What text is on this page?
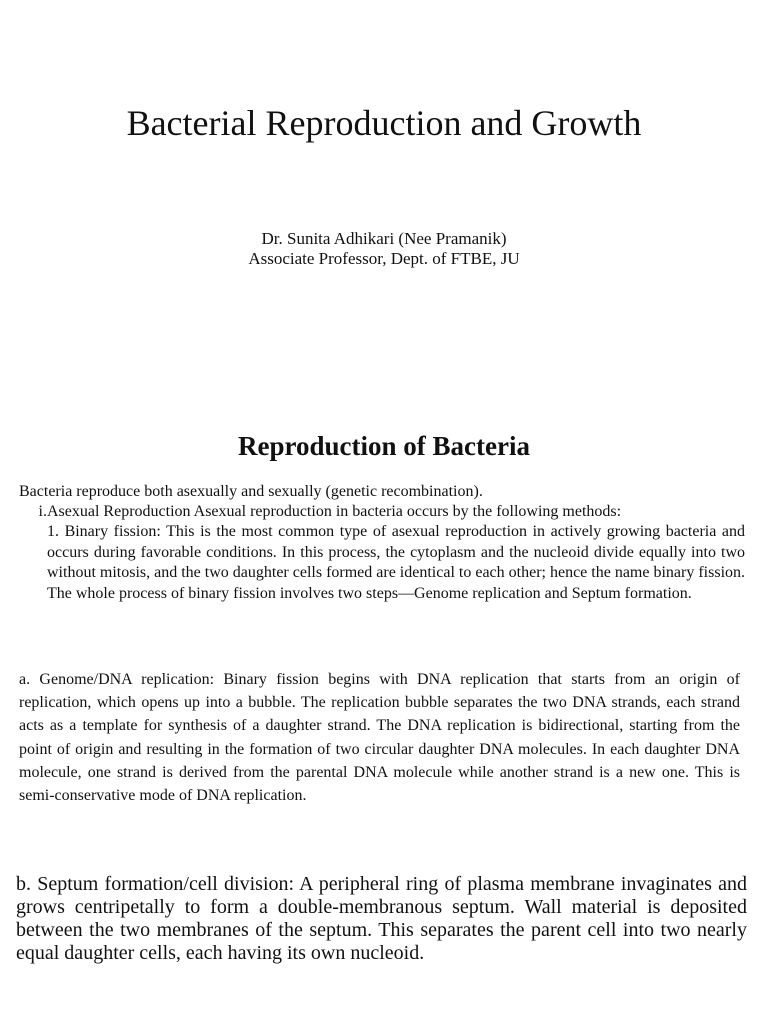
Bacterial Reproduction and Growth
Dr. Sunita Adhikari (Nee Pramanik)
Associate Professor, Dept. of FTBE, JU
Reproduction of Bacteria
Bacteria reproduce both asexually and sexually (genetic recombination).
i.Asexual Reproduction Asexual reproduction in bacteria occurs by the following methods:
1. Binary fission: This is the most common type of asexual reproduction in actively growing bacteria and occurs during favorable conditions. In this process, the cytoplasm and the nucleoid divide equally into two without mitosis, and the two daughter cells formed are identical to each other; hence the name binary fission. The whole process of binary fission involves two steps—Genome replication and Septum formation.
a. Genome/DNA replication: Binary fission begins with DNA replication that starts from an origin of replication, which opens up into a bubble. The replication bubble separates the two DNA strands, each strand acts as a template for synthesis of a daughter strand. The DNA replication is bidirectional, starting from the point of origin and resulting in the formation of two circular daughter DNA molecules. In each daughter DNA molecule, one strand is derived from the parental DNA molecule while another strand is a new one. This is semi-conservative mode of DNA replication.
b. Septum formation/cell division: A peripheral ring of plasma membrane invaginates and grows centripetally to form a double-membranous septum. Wall material is deposited between the two membranes of the septum. This separates the parent cell into two nearly equal daughter cells, each having its own nucleoid.
